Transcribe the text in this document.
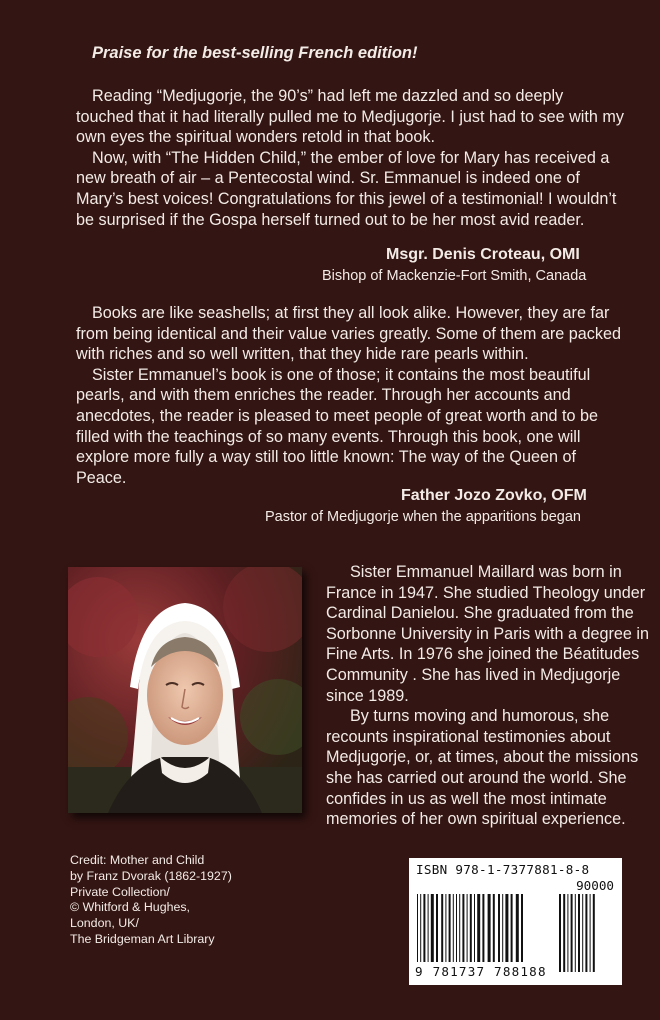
Praise for the best-selling French edition!

Reading “Medjugorje, the 90’s” had left me dazzled and so deeply touched that it had literally pulled me to Medjugorje. I just had to see with my own eyes the spiritual wonders retold in that book.

Now, with “The Hidden Child,” the ember of love for Mary has received a new breath of air – a Pentecostal wind. Sr. Emmanuel is indeed one of Mary’s best voices! Congratulations for this jewel of a testimonial! I wouldn’t be surprised if the Gospa herself turned out to be her most avid reader.

Msgr. Denis Croteau, OMI
Bishop of Mackenzie-Fort Smith, Canada

Books are like seashells; at first they all look alike. However, they are far from being identical and their value varies greatly. Some of them are packed with riches and so well written, that they hide rare pearls within.

Sister Emmanuel’s book is one of those; it contains the most beautiful pearls, and with them enriches the reader. Through her accounts and anecdotes, the reader is pleased to meet people of great worth and to be filled with the teachings of so many events. Through this book, one will explore more fully a way still too little known: The way of the Queen of Peace.

Father Jozo Zovko, OFM
Pastor of Medjugorje when the apparitions began

Sister Emmanuel Maillard was born in France in 1947. She studied Theology under Cardinal Danielou. She graduated from the Sorbonne University in Paris with a degree in Fine Arts. In 1976 she joined the Béatitudes Community . She has lived in Medjugorje since 1989.

By turns moving and humorous, she recounts inspirational testimonies about Medjugorje, or, at times, about the missions she has carried out around the world. She confides in us as well the most intimate memories of her own spiritual experience.

Credit: Mother and Child
by Franz Dvorak (1862-1927)
Private Collection/
© Whitford & Hughes,
London, UK/
The Bridgeman Art Library
ISBN 978-1-7377881-8-8
90000
9 781737 788188
